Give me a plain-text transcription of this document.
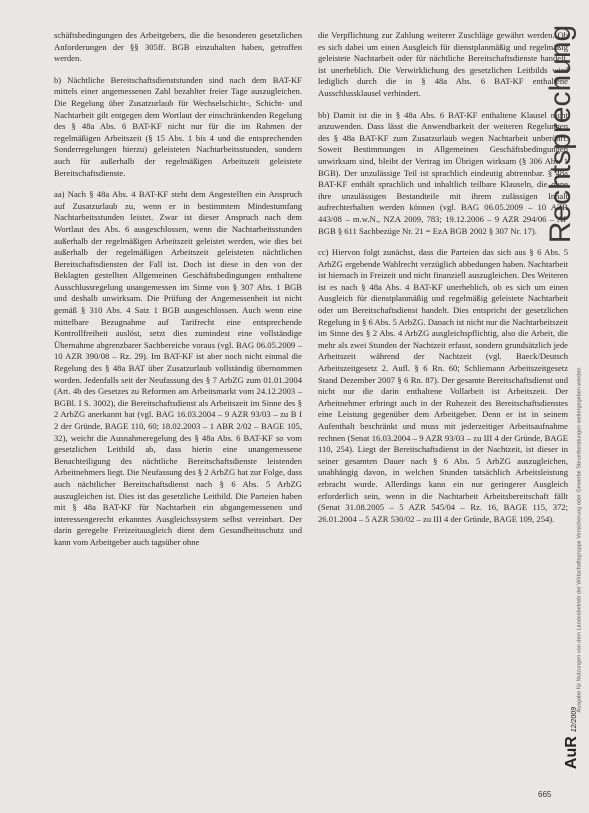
schäftsbedingungen des Arbeitgebers, die die besonderen gesetzlichen Anforderungen der §§ 305ff. BGB einzuhalten haben, getroffen werden.

b) Nächtliche Bereitschaftsdienststunden sind nach dem BAT-KF mittels einer angemessenen Zahl bezahlter freier Tage auszugleichen. Die Regelung über Zusatzurlaub für Wechselschicht-, Schicht- und Nachtarbeit gilt entgegen dem Wortlaut der einschränkenden Regelung des § 48a Abs. 6 BAT-KF nicht nur für die im Rahmen der regelmäßigen Arbeitszeit (§ 15 Abs. 1 bis 4 und die entsprechenden Sonderregelungen hierzu) geleisteten Nachtarbeitsstunden, sondern auch für außerhalb der regelmäßigen Arbeitszeit geleistete Bereitschaftsdienste.

aa) Nach § 48a Abs. 4 BAT-KF steht dem Angestellten ein Anspruch auf Zusatzurlaub zu, wenn er in bestimmtem Mindestumfang Nachtarbeitsstunden leistet. Zwar ist dieser Anspruch nach dem Wortlaut des Abs. 6 ausgeschlossen, wenn die Nachtarbeitsstunden außerhalb der regelmäßigen Arbeitszeit geleistet werden, wie dies bei außerhalb der regelmäßigen Arbeitszeit geleisteten nächtlichen Bereitschaftsdiensten der Fall ist. Doch ist diese in den von der Beklagten gestellten Allgemeinen Geschäftsbedingungen enthaltene Ausschlussregelung unangemessen im Sinne von § 307 Abs. 1 BGB und deshalb unwirksam. Die Prüfung der Angemessenheit ist nicht gemäß § 310 Abs. 4 Satz 1 BGB ausgeschlossen. Auch wenn eine mittelbare Bezugnahme auf Tarifrecht eine entsprechende Kontrollfreiheit auslöst, setzt dies zumindest eine vollständige Übernahme abgrenzbarer Sachbereiche voraus (vgl. BAG 06.05.2009 – 10 AZR 390/08 – Rz. 29). Im BAT-KF ist aber noch nicht einmal die Regelung des § 48a BAT über Zusatzurlaub vollständig übernommen worden. Jedenfalls seit der Neufassung des § 7 ArbZG zum 01.01.2004 (Art. 4b des Gesetzes zu Reformen am Arbeitsmarkt vom 24.12.2003 – BGBl. I S. 3002), die Bereitschaftsdienst als Arbeitszeit im Sinne des § 2 ArbZG anerkannt hat (vgl. BAG 16.03.2004 – 9 AZR 93/03 – zu B I 2 der Gründe, BAGE 110, 60; 18.02.2003 – 1 ABR 2/02 – BAGE 105, 32), weicht die Ausnahmeregelung des § 48a Abs. 6 BAT-KF so vom gesetzlichen Leitbild ab, dass hierin eine unangemessene Benachteiligung des nächtliche Bereitschaftsdienste leistenden Arbeitnehmers liegt. Die Neufassung des § 2 ArbZG hat zur Folge, dass auch nächtlicher Bereitschaftsdienst nach § 6 Abs. 5 ArbZG auszugleichen ist. Dies ist das gesetzliche Leitbild. Die Parteien haben mit § 48a BAT-KF für Nachtarbeit ein abgangemessenen und interessengerecht erkanntes Ausgleichssystem selbst vereinbart. Der darin geregelte Freizeitausgleich dient dem Gesundheitsschutz und kann vom Arbeitgeber auch tagsüber ohne

die Verpflichtung zur Zahlung weiterer Zuschläge gewährt werden. Ob es sich dabei um einen Ausgleich für dienstplanmäßig und regelmäßig geleistete Nachtarbeit oder für nächtliche Bereitschaftsdienste handelt, ist unerheblich. Die Verwirklichung des gesetzlichen Leitbilds wird lediglich durch die in § 48a Abs. 6 BAT-KF enthaltene Ausschlussklausel verhindert.

bb) Damit ist die in § 48a Abs. 6 BAT-KF enthaltene Klausel nicht anzuwenden. Dass lässt die Anwendbarkeit der weiteren Regelungen des § 48a BAT-KF zum Zusatzurlaub wegen Nachtarbeit unberührt. Soweit Bestimmungen in Allgemeinen Geschäftsbedingungen unwirksam sind, bleibt der Vertrag im Übrigen wirksam (§ 306 Abs. 1 BGB). Der unzulässige Teil ist sprachlich eindeutig abtrennbar. § 48a BAT-KF enthält sprachlich und inhaltlich teilbare Klauseln, die ohne ihre unzulässigen Bestandteile mit ihrem zulässigen Inhalt aufrechterhalten werden können (vgl. BAG 06.05.2009 – 10 AZR 443/08 – m.w.N., NZA 2009, 783; 19.12.2006 – 9 AZR 294/06 – AP BGB § 611 Sachbezüge Nr. 21 = EzA BGB 2002 § 307 Nr. 17).

cc) Hiervon folgt zunächst, dass die Parteien das sich aus § 6 Abs. 5 ArbZG ergebende Wahlrecht verzüglich abbedungen haben. Nachtarbeit ist hiernach in Freizeit und nicht finanziell auszugleichen. Des Weiteren ist es nach § 48a Abs. 4 BAT-KF unerheblich, ob es sich um einen Ausgleich für dienstplanmäßig und regelmäßig geleistete Nachtarbeit oder um Bereitschaftsdienst handelt. Dies entspricht der gesetzlichen Regelung in § 6 Abs. 5 ArbZG. Danach ist nicht nur die Nachtarbeitszeit im Sinne des § 2 Abs. 4 ArbZG ausgleichspflichtig, also die Arbeit, die mehr als zwei Stunden der Nachtzeit erfasst, sondern grundsätzlich jede Arbeitszeit während der Nachtzeit (vgl. Baeck/Deutsch Arbeitszeitgesetz 2. Aufl. § 6 Rn. 60; Schliemann Arbeitszeitgesetz Stand Dezember 2007 § 6 Rn. 87). Der gesamte Bereitschaftsdienst und nicht nur die darin enthaltene Vollarbeit ist Arbeitszeit. Der Arbeitnehmer erbringt auch in der Ruhezeit des Bereitschaftsdienstes eine Leistung gegenüber dem Arbeitgeber. Denn er ist in seinem Aufenthalt beschränkt und muss mit jederzeitiger Arbeitsaufnahme rechnen (Senat 16.03.2004 – 9 AZR 93/03 – zu III 4 der Gründe, BAGE 110, 254). Liegt der Bereitschaftsdienst in der Nachtzeit, ist dieser in seiner gesamten Dauer nach § 6 Abs. 5 ArbZG auszugleichen, unabhängig davon, in welchen Stunden tatsächlich Arbeitsleistung erbracht wurde. Allerdings kann ein nur geringerer Ausgleich erforderlich sein, wenn in die Nachtarbeit Arbeitsbereitschaft fällt (Senat 31.08.2005 – 5 AZR 545/04 – Rz. 16, BAGE 115, 372; 26.01.2004 – 5 AZR 530/02 – zu III 4 der Gründe, BAGE 109, 254).

Rechtsprechung
Ausgabe für Nutzungen von dem Landesbetrieb der Wirtschaftsgruppe Versicherung oder Gewerbe Steuerberatungen weitergegeben werden
AuR12/2009
665
